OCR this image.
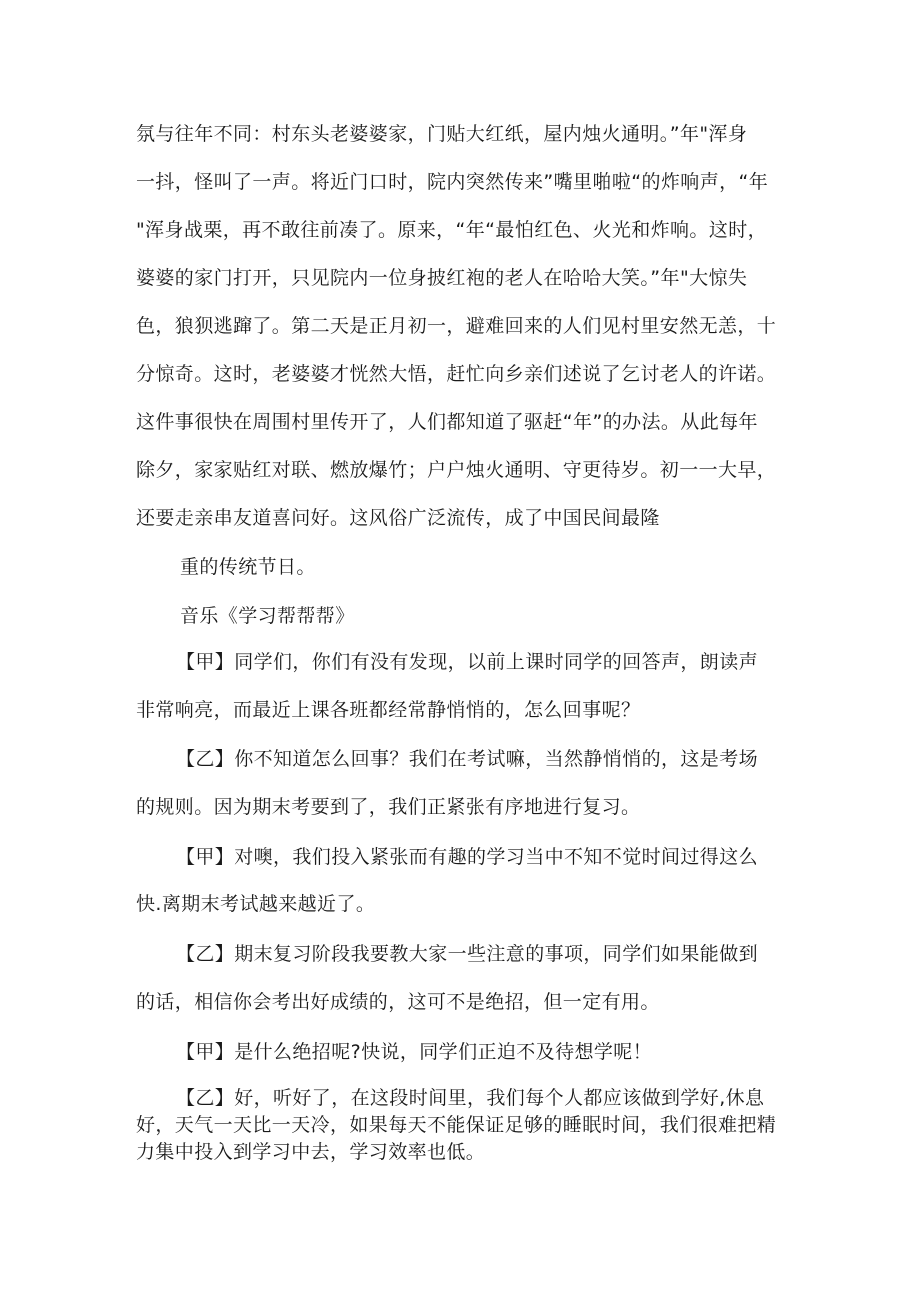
氛与往年不同：村东头老婆婆家，门贴大红纸，屋内烛火通明。”年"浑身

一抖，怪叫了一声。将近门口时，院内突然传来”嘴里啪啦“的炸响声，“年

"浑身战栗，再不敢往前凑了。原来，“年“最怕红色、火光和炸响。这时，

婆婆的家门打开，只见院内一位身披红袍的老人在哈哈大笑。”年"大惊失

色，狼狈逃蹿了。第二天是正月初一，避难回来的人们见村里安然无恙，十

分惊奇。这时，老婆婆才恍然大悟，赶忙向乡亲们述说了乞讨老人的许诺。

这件事很快在周围村里传开了，人们都知道了驱赶“年”的办法。从此每年

除夕，家家贴红对联、燃放爆竹；户户烛火通明、守更待岁。初一一大早，

还要走亲串友道喜问好。这风俗广泛流传，成了中国民间最隆

重的传统节日。

音乐《学习帮帮帮》

【甲】同学们，你们有没有发现，以前上课时同学的回答声，朗读声

非常响亮，而最近上课各班都经常静悄悄的，怎么回事呢？

【乙】你不知道怎么回事？我们在考试嘛，当然静悄悄的，这是考场

的规则。因为期末考要到了，我们正紧张有序地进行复习。

【甲】对噢，我们投入紧张而有趣的学习当中不知不觉时间过得这么

快.离期末考试越来越近了。

【乙】期末复习阶段我要教大家一些注意的事项，同学们如果能做到

的话，相信你会考出好成绩的，这可不是绝招，但一定有用。

【甲】是什么绝招呢?快说，同学们正迫不及待想学呢！

【乙】好，听好了，在这段时间里，我们每个人都应该做到学好,休息

好，天气一天比一天冷，如果每天不能保证足够的睡眠时间，我们很难把精

力集中投入到学习中去，学习效率也低。
